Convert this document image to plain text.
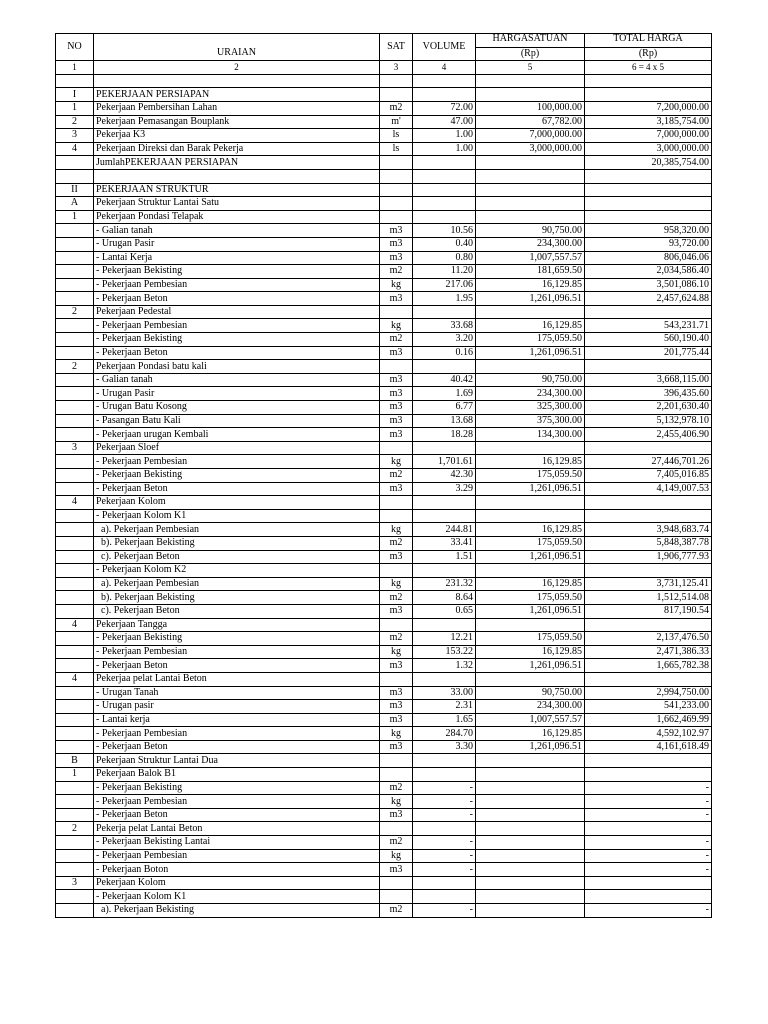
NO	URAIAN	SAT	VOLUME	HARGASATUAN	TOTAL HARGA
				(Rp)	(Rp)
1	2	3	4	5	6 = 4 x 5

I	PEKERJAAN PERSIAPAN				
1	Pekerjaan Pembersihan Lahan	m2	72.00	100,000.00	7,200,000.00
2	Pekerjaan Pemasangan Bouplank	m'	47.00	67,782.00	3,185,754.00
3	Pekerjaa K3	ls	1.00	7,000,000.00	7,000,000.00
4	Pekerjaan Direksi dan Barak Pekerja	ls	1.00	3,000,000.00	3,000,000.00
	JumlahPEKERJAAN PERSIAPAN				20,385,754.00

II	PEKERJAAN STRUKTUR				
A	Pekerjaan Struktur Lantai Satu				
1	Pekerjaan Pondasi Telapak				
	- Galian tanah	m3	10.56	90,750.00	958,320.00
	- Urugan Pasir	m3	0.40	234,300.00	93,720.00
	- Lantai Kerja	m3	0.80	1,007,557.57	806,046.06
	- Pekerjaan Bekisting	m2	11.20	181,659.50	2,034,586.40
	- Pekerjaan Pembesian	kg	217.06	16,129.85	3,501,086.10
	- Pekerjaan Beton	m3	1.95	1,261,096.51	2,457,624.88
2	Pekerjaan Pedestal				
	- Pekerjaan Pembesian	kg	33.68	16,129.85	543,231.71
	- Pekerjaan Bekisting	m2	3.20	175,059.50	560,190.40
	- Pekerjaan Beton	m3	0.16	1,261,096.51	201,775.44
2	Pekerjaan Pondasi batu kali				
	- Galian tanah	m3	40.42	90,750.00	3,668,115.00
	- Urugan Pasir	m3	1.69	234,300.00	396,435.60
	- Urugan Batu Kosong	m3	6.77	325,300.00	2,201,630.40
	- Pasangan Batu Kali	m3	13.68	375,300.00	5,132,978.10
	- Pekerjaan urugan Kembali	m3	18.28	134,300.00	2,455,406.90
3	Pekerjaan Sloef				
	- Pekerjaan Pembesian	kg	1,701.61	16,129.85	27,446,701.26
	- Pekerjaan Bekisting	m2	42.30	175,059.50	7,405,016.85
	- Pekerjaan Beton	m3	3.29	1,261,096.51	4,149,007.53
4	Pekerjaan Kolom				
	- Pekerjaan Kolom K1				
	a). Pekerjaan Pembesian	kg	244.81	16,129.85	3,948,683.74
	b). Pekerjaan Bekisting	m2	33.41	175,059.50	5,848,387.78
	c). Pekerjaan Beton	m3	1.51	1,261,096.51	1,906,777.93
	- Pekerjaan Kolom K2				
	a). Pekerjaan Pembesian	kg	231.32	16,129.85	3,731,125.41
	b). Pekerjaan Bekisting	m2	8.64	175,059.50	1,512,514.08
	c). Pekerjaan Beton	m3	0.65	1,261,096.51	817,190.54
4	Pekerjaan Tangga				
	- Pekerjaan Bekisting	m2	12.21	175,059.50	2,137,476.50
	- Pekerjaan Pembesian	kg	153.22	16,129.85	2,471,386.33
	- Pekerjaan Beton	m3	1.32	1,261,096.51	1,665,782.38
4	Pekerjaa pelat Lantai Beton				
	- Urugan Tanah	m3	33.00	90,750.00	2,994,750.00
	- Urugan pasir	m3	2.31	234,300.00	541,233.00
	- Lantai kerja	m3	1.65	1,007,557.57	1,662,469.99
	- Pekerjaan Pembesian	kg	284.70	16,129.85	4,592,102.97
	- Pekerjaan Beton	m3	3.30	1,261,096.51	4,161,618.49
B	Pekerjaan Struktur Lantai Dua				
1	Pekerjaan Balok B1				
	- Pekerjaan Bekisting	m2	-		-
	- Pekerjaan Pembesian	kg	-		-
	- Pekerjaan Beton	m3	-		-
2	Pekerja pelat Lantai Beton				
	- Pekerjaan Bekisting Lantai	m2	-		-
	- Pekerjaan Pembesian	kg	-		-
	- Pekerjaan Boton	m3	-		-
3	Pekerjaan Kolom				
	- Pekerjaan Kolom K1				
	a). Pekerjaan Bekisting	m2	-		-
